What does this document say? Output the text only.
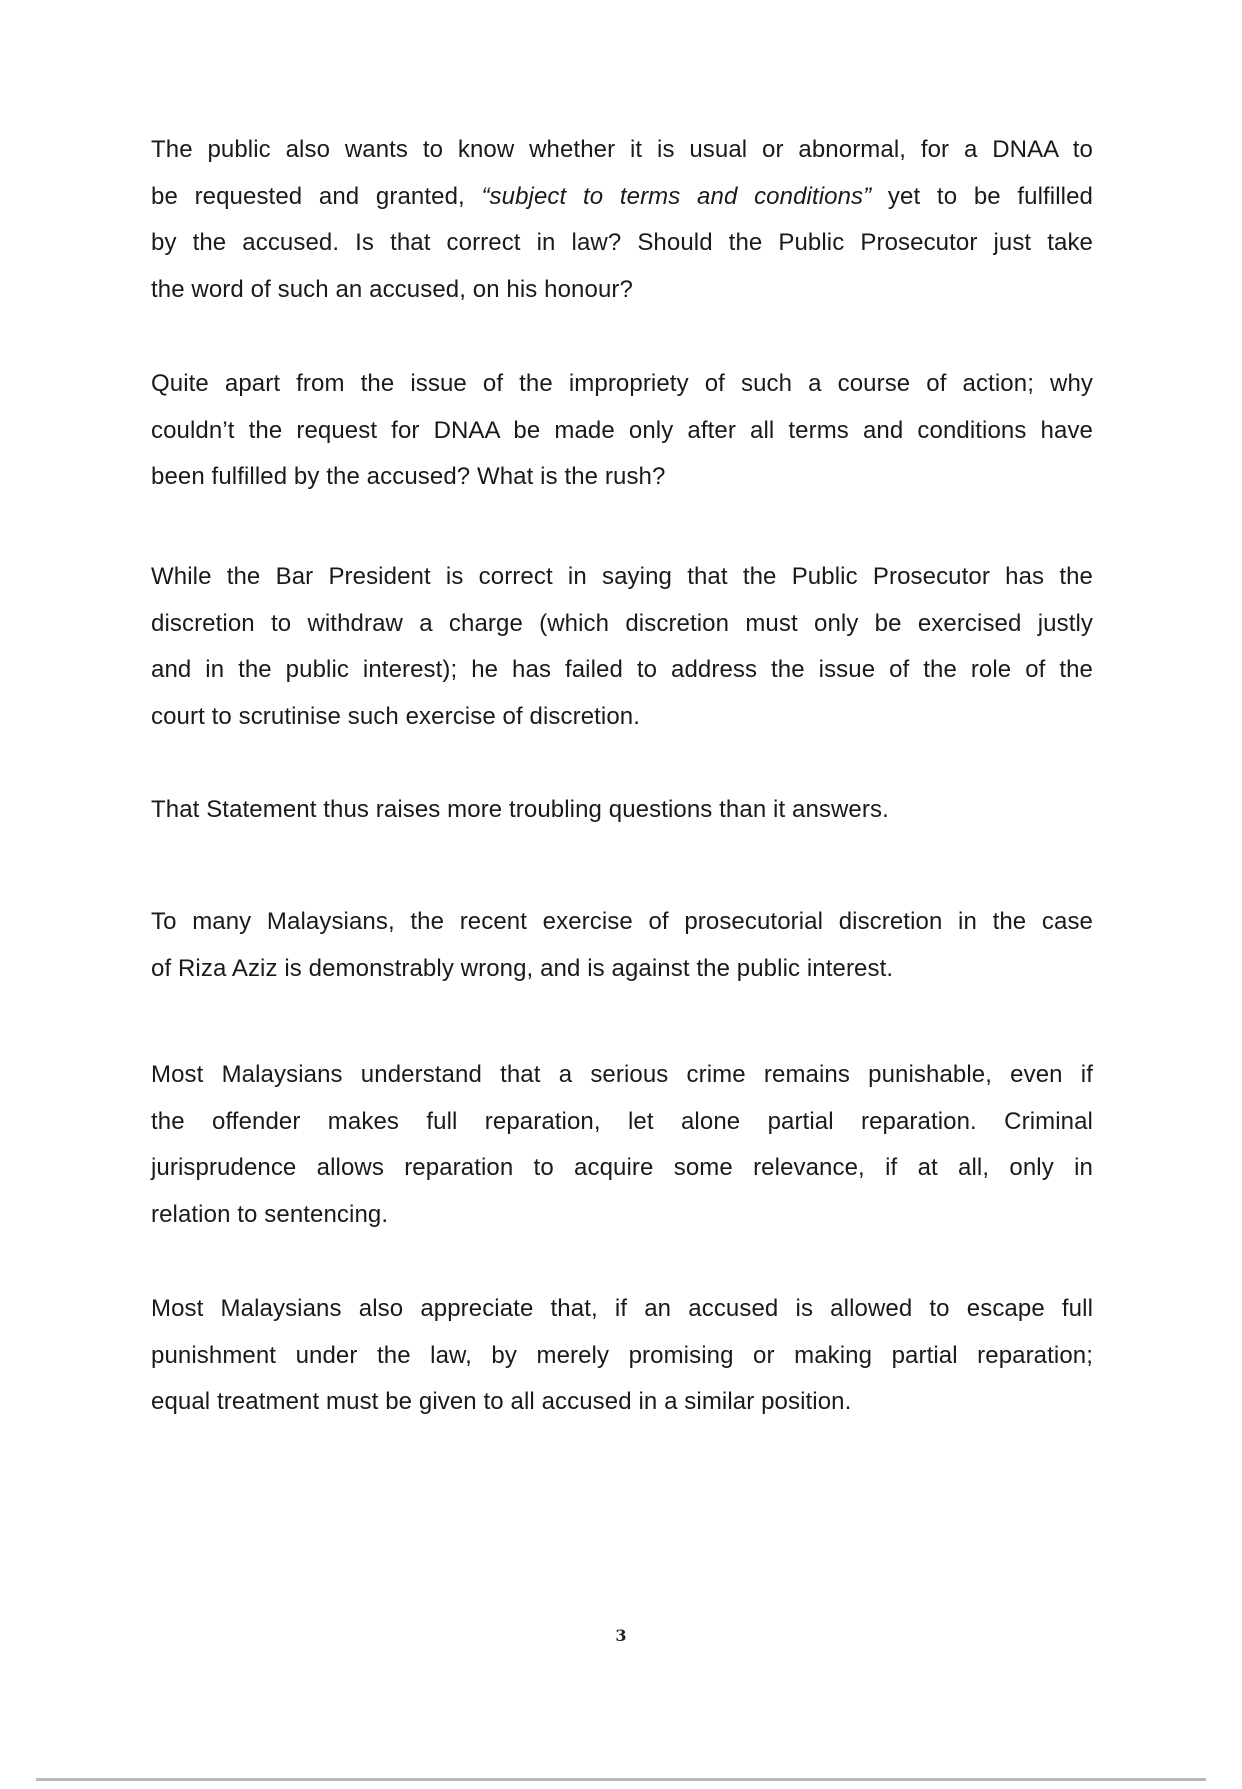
The public also wants to know whether it is usual or abnormal, for a DNAA to
be requested and granted, “subject to terms and conditions” yet to be fulfilled
by the accused. Is that correct in law? Should the Public Prosecutor just take
the word of such an accused, on his honour?

Quite apart from the issue of the impropriety of such a course of action; why
couldn’t the request for DNAA be made only after all terms and conditions have
been fulfilled by the accused? What is the rush?

While the Bar President is correct in saying that the Public Prosecutor has the
discretion to withdraw a charge (which discretion must only be exercised justly
and in the public interest); he has failed to address the issue of the role of the
court to scrutinise such exercise of discretion.

That Statement thus raises more troubling questions than it answers.

To many Malaysians, the recent exercise of prosecutorial discretion in the case
of Riza Aziz is demonstrably wrong, and is against the public interest.

Most Malaysians understand that a serious crime remains punishable, even if
the offender makes full reparation, let alone partial reparation. Criminal
jurisprudence allows reparation to acquire some relevance, if at all, only in
relation to sentencing.

Most Malaysians also appreciate that, if an accused is allowed to escape full
punishment under the law, by merely promising or making partial reparation;
equal treatment must be given to all accused in a similar position.

3
